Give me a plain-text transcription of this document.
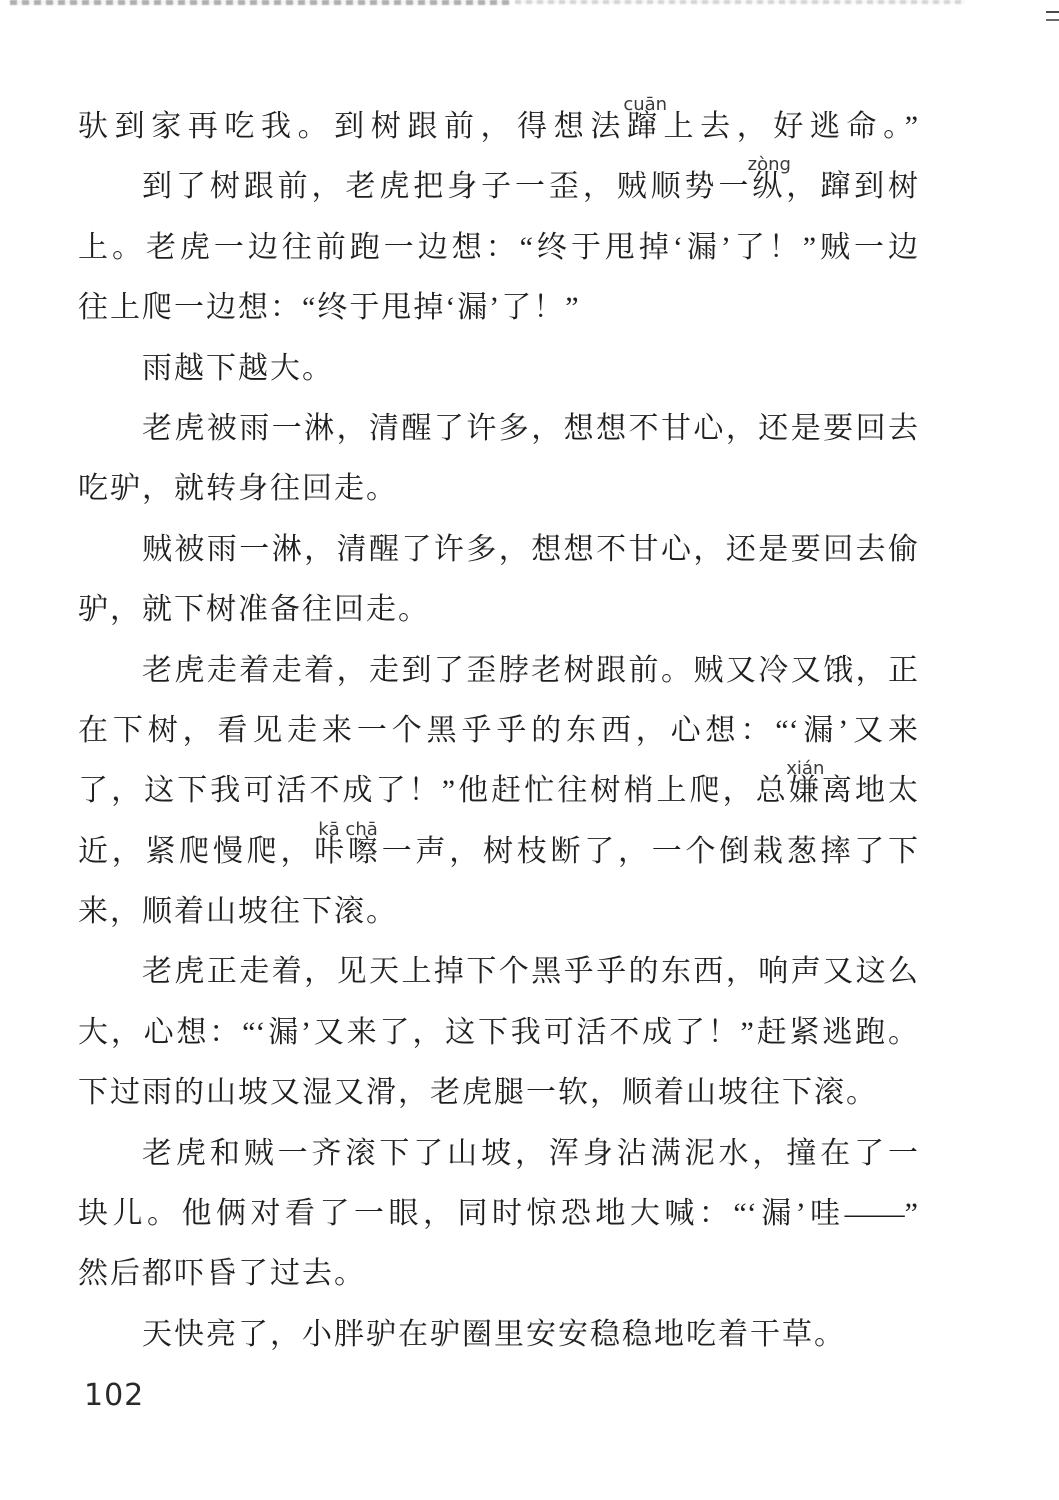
驮到家再吃我。到树跟前，得想法
cuān
蹿上去，好逃命。”
到了树跟前，老虎把身子一歪，贼顺势一
zòng
纵，蹿到树
上。老虎一边往前跑一边想：“终于甩掉‘漏’了！”贼一边
往上爬一边想：“终于甩掉‘漏’了！”
雨越下越大。
老虎被雨一淋，清醒了许多，想想不甘心，还是要回去
吃驴，就转身往回走。
贼被雨一淋，清醒了许多，想想不甘心，还是要回去偷
驴，就下树准备往回走。
老虎走着走着，走到了歪脖老树跟前。贼又冷又饿，正
在下树，看见走来一个黑乎乎的东西，心想：“‘漏’又来
了，这下我可活不成了！”他赶忙往树梢上爬，总
xián
嫌离地太
近，紧爬慢爬，
kā chā
咔嚓一声，树枝断了，一个倒栽葱摔了下
来，顺着山坡往下滚。
老虎正走着，见天上掉下个黑乎乎的东西，响声又这么
大，心想：“‘漏’又来了，这下我可活不成了！”赶紧逃跑。
下过雨的山坡又湿又滑，老虎腿一软，顺着山坡往下滚。
老虎和贼一齐滚下了山坡，浑身沾满泥水，撞在了一
块儿。他俩对看了一眼，同时惊恐地大喊：“‘漏’哇——”
然后都吓昏了过去。
天快亮了，小胖驴在驴圈里安安稳稳地吃着干草。
102
